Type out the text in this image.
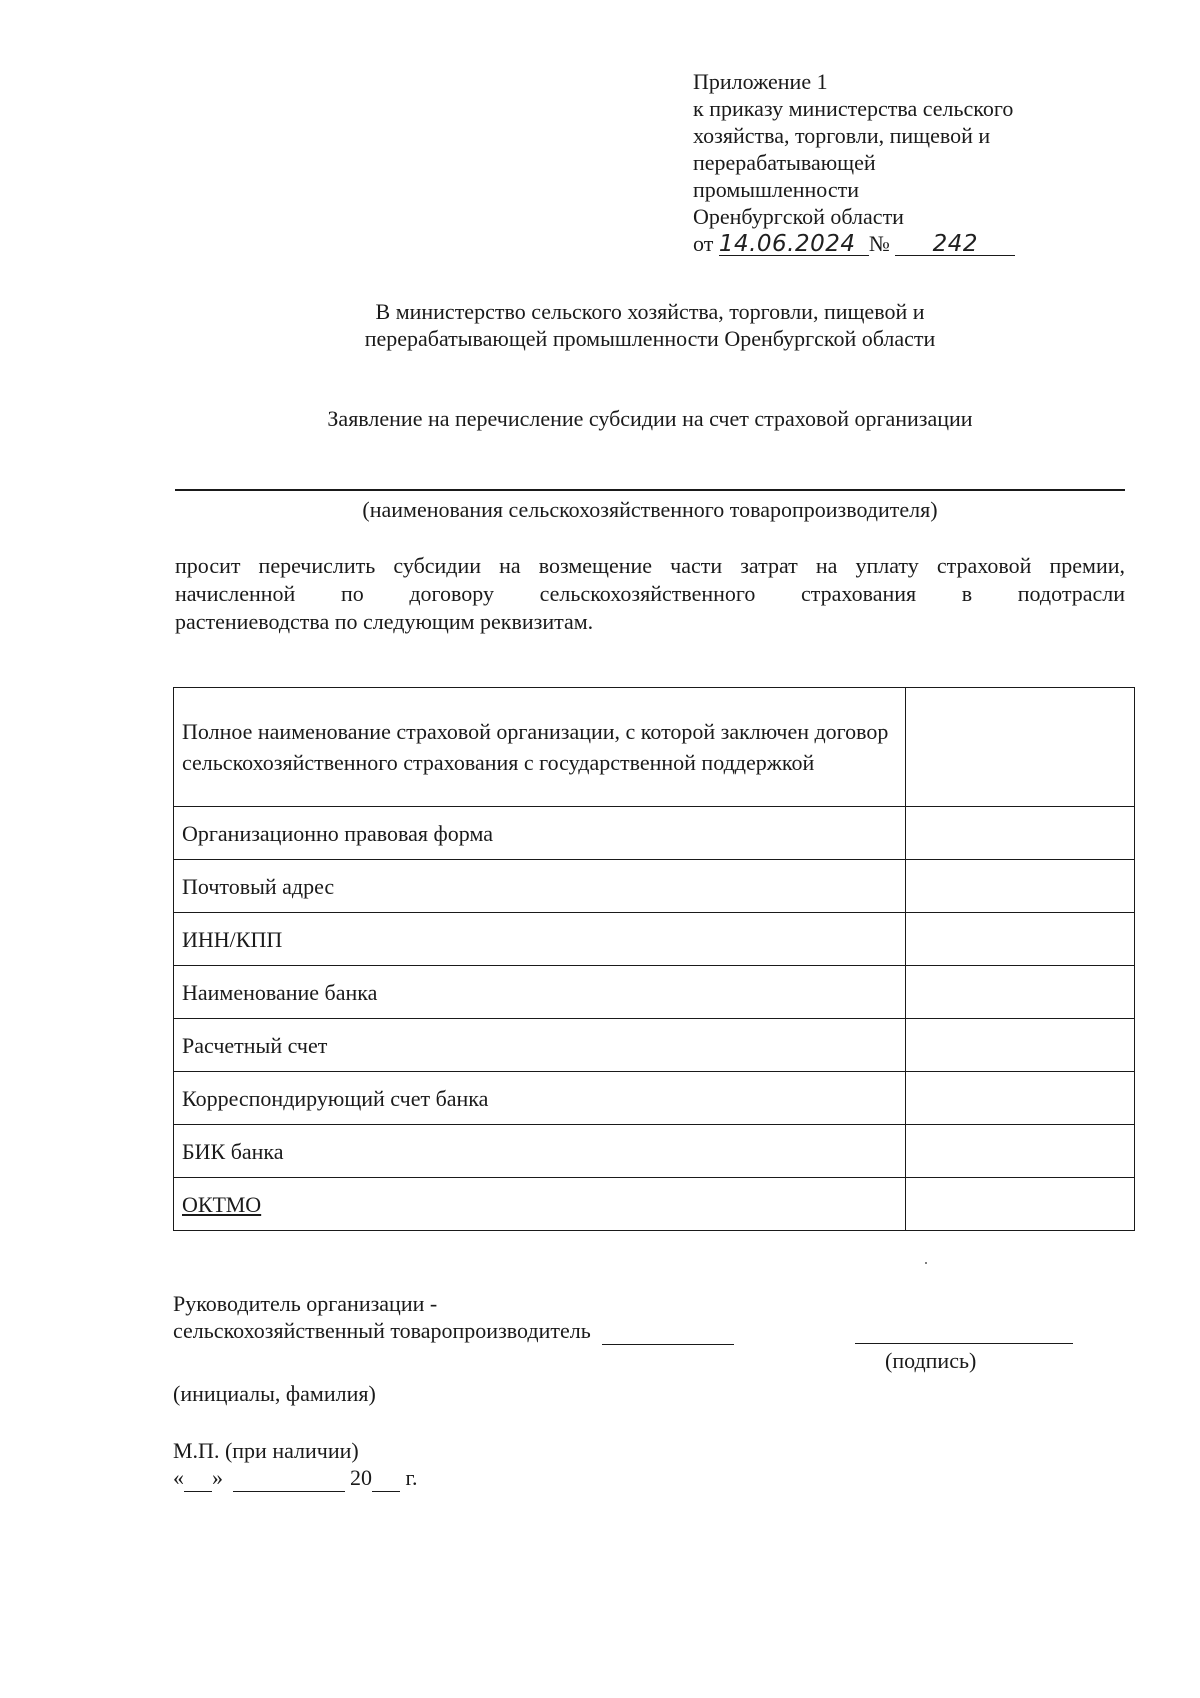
Приложение 1
к приказу министерства сельского
хозяйства, торговли, пищевой и
перерабатывающей
промышленности
Оренбургской области
от 14.06.2024 № 242
В министерство сельского хозяйства, торговли, пищевой и
перерабатывающей промышленности Оренбургской области
Заявление на перечисление субсидии на счет страховой организации
(наименования сельскохозяйственного товаропроизводителя)
просит перечислить субсидии на возмещение части затрат на уплату страховой премии,
начисленной по договору сельскохозяйственного страхования в подотрасли
растениеводства по следующим реквизитам.
Полное наименование страховой организации, с которой заключен договор сельскохозяйственного страхования с государственной поддержкой	
Организационно правовая форма	
Почтовый адрес	
ИНН/КПП	
Наименование банка	
Расчетный счет	
Корреспондирующий счет банка	
БИК банка	
ОКТМО	
Руководитель организации -
сельскохозяйственный товаропроизводитель
(подпись)
(инициалы, фамилия)
М.П. (при наличии)
« »	20 г.
